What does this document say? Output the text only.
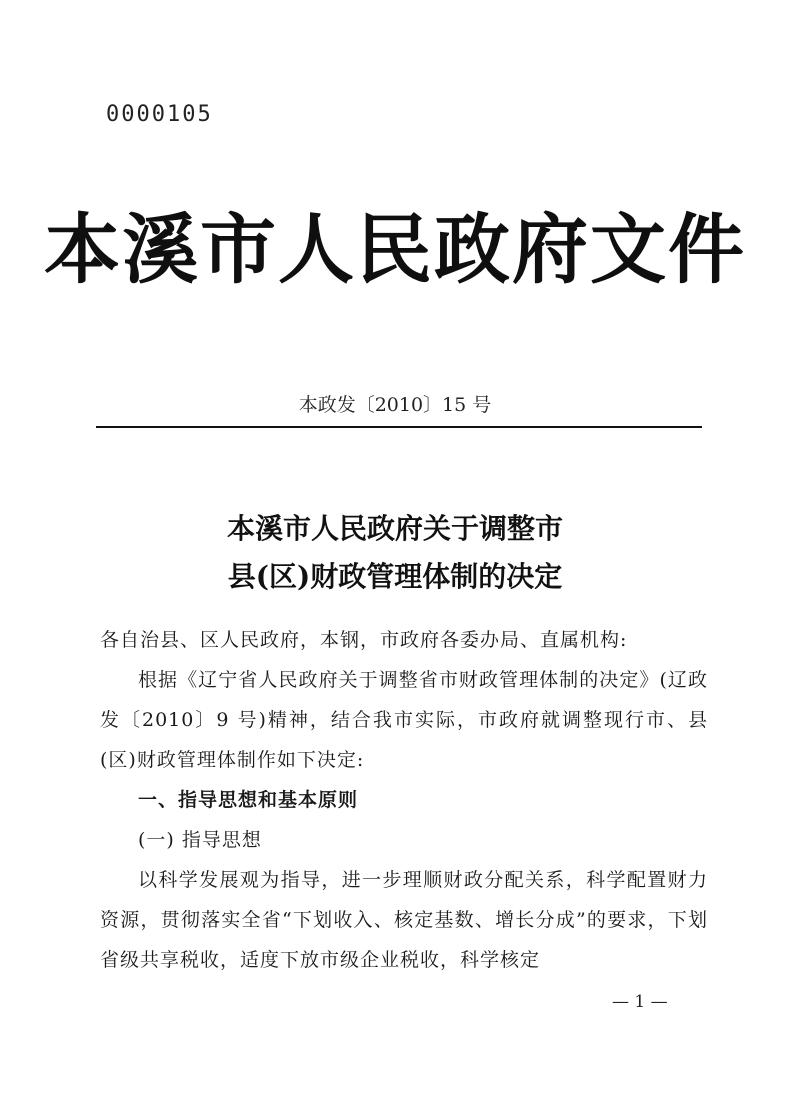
0000105
本溪市人民政府文件
本政发〔2010〕15 号
本溪市人民政府关于调整市
县(区)财政管理体制的决定

各自治县、区人民政府，本钢，市政府各委办局、直属机构:

根据《辽宁省人民政府关于调整省市财政管理体制的决定》(辽政发〔2010〕9 号)精神，结合我市实际，市政府就调整现行市、县(区)财政管理体制作如下决定:

一、指导思想和基本原则

(一) 指导思想

以科学发展观为指导，进一步理顺财政分配关系，科学配置财力资源，贯彻落实全省“下划收入、核定基数、增长分成”的要求，下划省级共享税收，适度下放市级企业税收，科学核定

— 1 —
